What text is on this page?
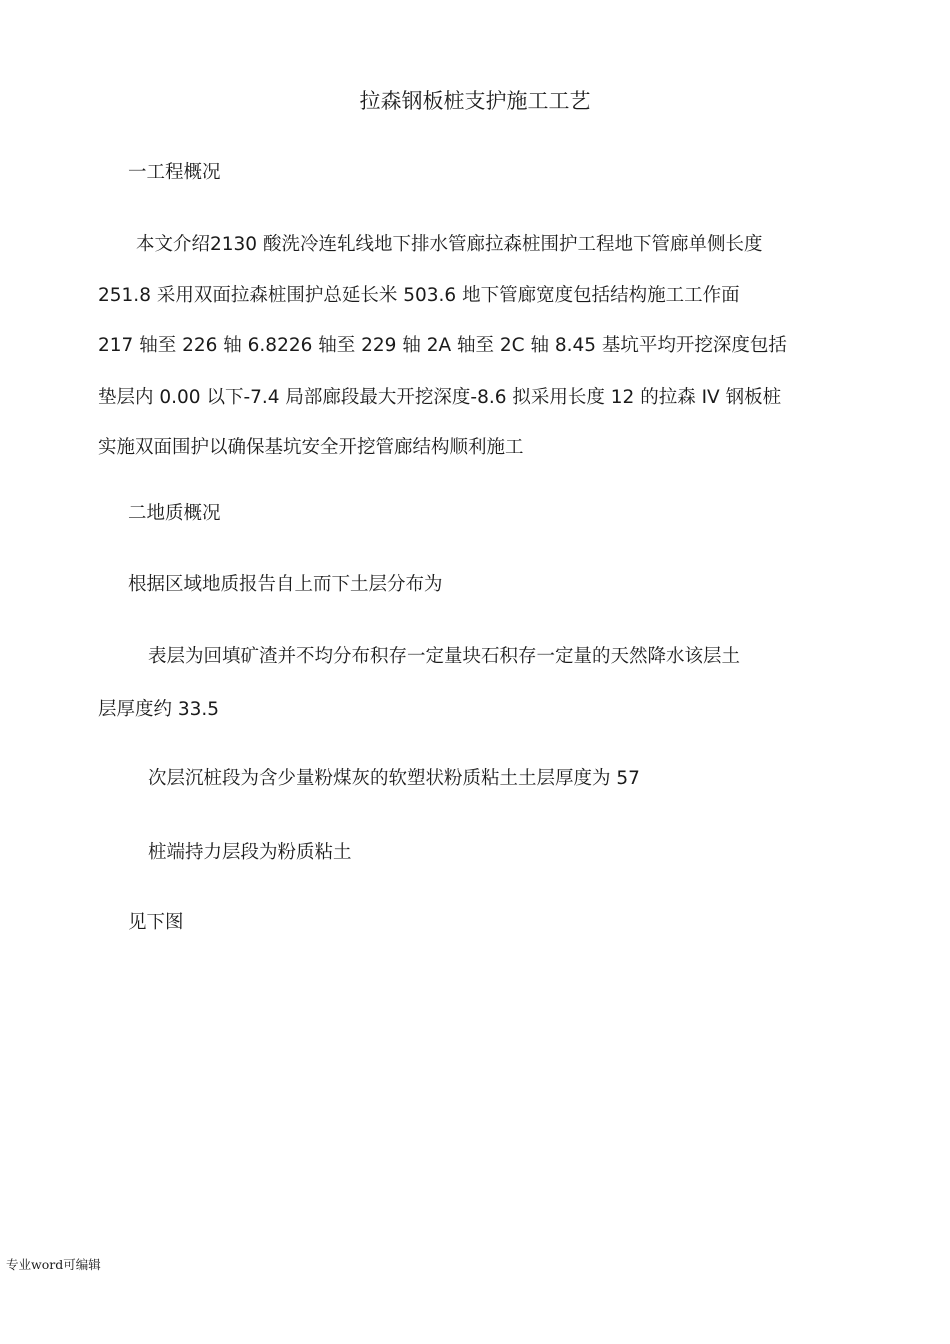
拉森钢板桩支护施工工艺

一工程概况

本文介绍2130 酸洗冷连轧线地下排水管廊拉森桩围护工程地下管廊单侧长度

251.8 采用双面拉森桩围护总延长米 503.6 地下管廊宽度包括结构施工工作面

217 轴至 226 轴 6.8226 轴至 229 轴 2A 轴至 2C 轴 8.45 基坑平均开挖深度包括

垫层内 0.00 以下-7.4 局部廊段最大开挖深度-8.6 拟采用长度 12 的拉森 IV 钢板桩

实施双面围护以确保基坑安全开挖管廊结构顺利施工

二地质概况

根据区域地质报告自上而下土层分布为

表层为回填矿渣并不均分布积存一定量块石积存一定量的天然降水该层土

层厚度约 33.5

次层沉桩段为含少量粉煤灰的软塑状粉质粘土土层厚度为 57

桩端持力层段为粉质粘土

见下图

专业word可编辑
